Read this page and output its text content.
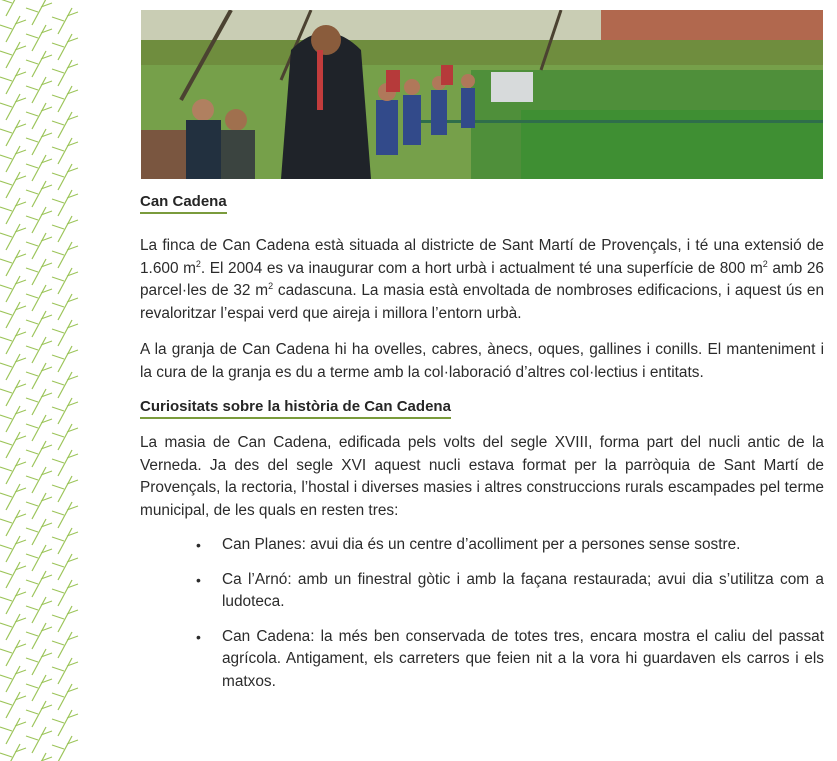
Can Cadena

La finca de Can Cadena està situada al districte de Sant Martí de Provençals, i té una extensió de 1.600 $m^2$. El 2004 es va inaugurar com a hort urbà i actualment té una superfície de 800 $m^2$ amb 26 parcel·les de 32 $m^2$ cadascuna. La masia està envoltada de nombroses edificacions, i aquest ús en revaloritzar l’espai verd que aireja i millora l’entorn urbà.

A la granja de Can Cadena hi ha ovelles, cabres, ànecs, oques, gallines i conills. El manteniment i la cura de la granja es du a terme amb la col·laboració d’altres col·lectius i entitats.

Curiositats sobre la història de Can Cadena

La masia de Can Cadena, edificada pels volts del segle XVIII, forma part del nucli antic de la Verneda. Ja des del segle XVI aquest nucli estava format per la parròquia de Sant Martí de Provençals, la rectoria, l’hostal i diverses masies i altres construccions rurals escampades pel terme municipal, de les quals en resten tres:

• Can Planes: avui dia és un centre d’acolliment per a persones sense sostre.
• Ca l’Arnó: amb un finestral gòtic i amb la façana restaurada; avui dia s’utilitza com a ludoteca.
• Can Cadena: la més ben conservada de totes tres, encara mostra el caliu del passat agrícola. Antigament, els carreters que feien nit a la vora hi guardaven els carros i els matxos.
